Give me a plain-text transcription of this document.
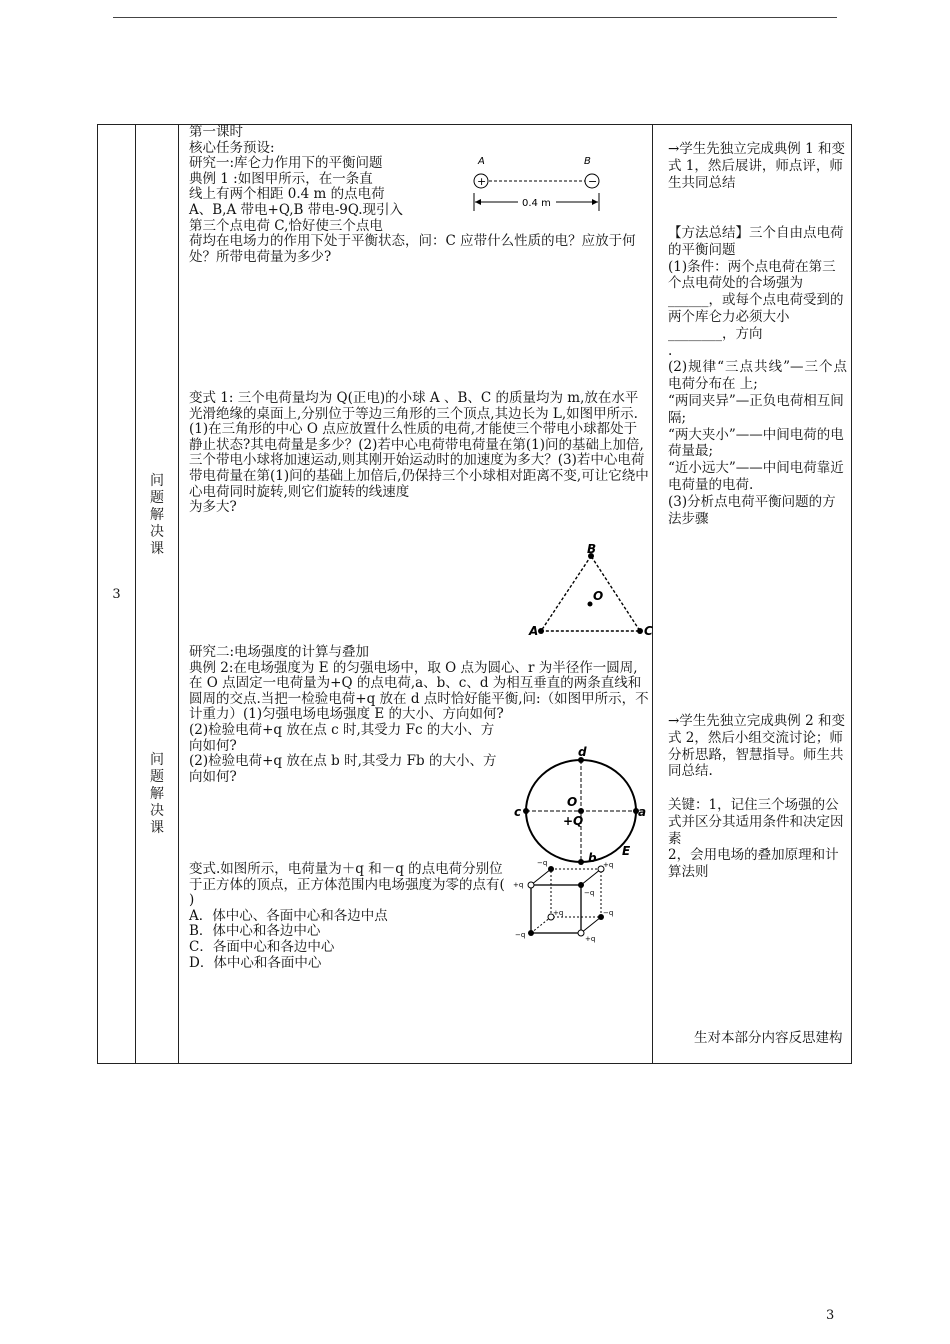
3
问
题
解
决
课
问
题
解
决
课

第一课时

核心任务预设:

研究一:库仑力作用下的平衡问题

典例 1 :如图甲所示，在一条直

线上有两个相距 0.4 m 的点电荷

A、B,A 带电+Q,B 带电-9Q.现引入

第三个点电荷 C,恰好使三个点电

荷均在电场力的作用下处于平衡状态，问：C 应带什么性质的电？应放于何处？所带电荷量为多少?

A	B
+	−
0.4 m

变式 1: 三个电荷量均为 Q(正电)的小球 A 、B、C 的质量均为 m,放在水平光滑绝缘的桌面上,分别位于等边三角形的三个顶点,其边长为 L,如图甲所示.

(1)在三角形的中心 O 点应放置什么性质的电荷,才能使三个带电小球都处于静止状态?其电荷量是多少？(2)若中心电荷带电荷量在第(1)问的基础上加倍,三个带电小球将加速运动,则其刚开始运动时的加速度为多大？(3)若中心电荷带电荷量在第(1)问的基础上加倍后,仍保持三个小球相对距离不变,可让它绕中心电荷同时旋转,则它们旋转的线速度

为多大?

B
A	C
O

研究二:电场强度的计算与叠加

典例 2:在电场强度为 E 的匀强电场中，取 O 点为圆心、r 为半径作一圆周,在 O 点固定一电荷量为+Q 的点电荷,a、b、c、d 为相互垂直的两条直线和圆周的交点.当把一检验电荷+q 放在 d 点时恰好能平衡,问:（如图甲所示，不计重力）(1)匀强电场电场强度 E 的大小、方向如何?

(2)检验电荷+q 放在点 c 时,其受力 Fc 的大小、方向如何?

(2)检验电荷+q 放在点 b 时,其受力 Fb 的大小、方向如何?

d
c	a
b E
O
+Q

变式.如图所示，电荷量为＋q 和－q 的点电荷分别位于正方体的顶点，正方体范围内电场强度为零的点有( )

A．体中心、各面中心和各边中点

B．体中心和各边中心

C．各面中心和各边中心

D．体中心和各面中心

−q	+q
+q
−q
+q	−q
−q	+q

→学生先独立完成典例 1 和变式 1，然后展讲，师点评，师生共同总结

【方法总结】三个自由点电荷的平衡问题

(1)条件：两个点电荷在第三个点电荷处的合场强为______，或每个点电荷受到的两个库仑力必须大小________，方向

.

(2)规律“三点共线”—三个点电荷分布在 上;

“两同夹异”—正负电荷相互间隔;

“两大夹小”——中间电荷的电荷量最;

“近小远大”——中间电荷靠近电荷量的电荷.

(3)分析点电荷平衡问题的方法步骤

→学生先独立完成典例 2 和变式 2，然后小组交流讨论；师分析思路，智慧指导。师生共同总结.

关键：1，记住三个场强的公式并区分其适用条件和决定因素

2，会用电场的叠加原理和计算法则

生对本部分内容反思建构

3
